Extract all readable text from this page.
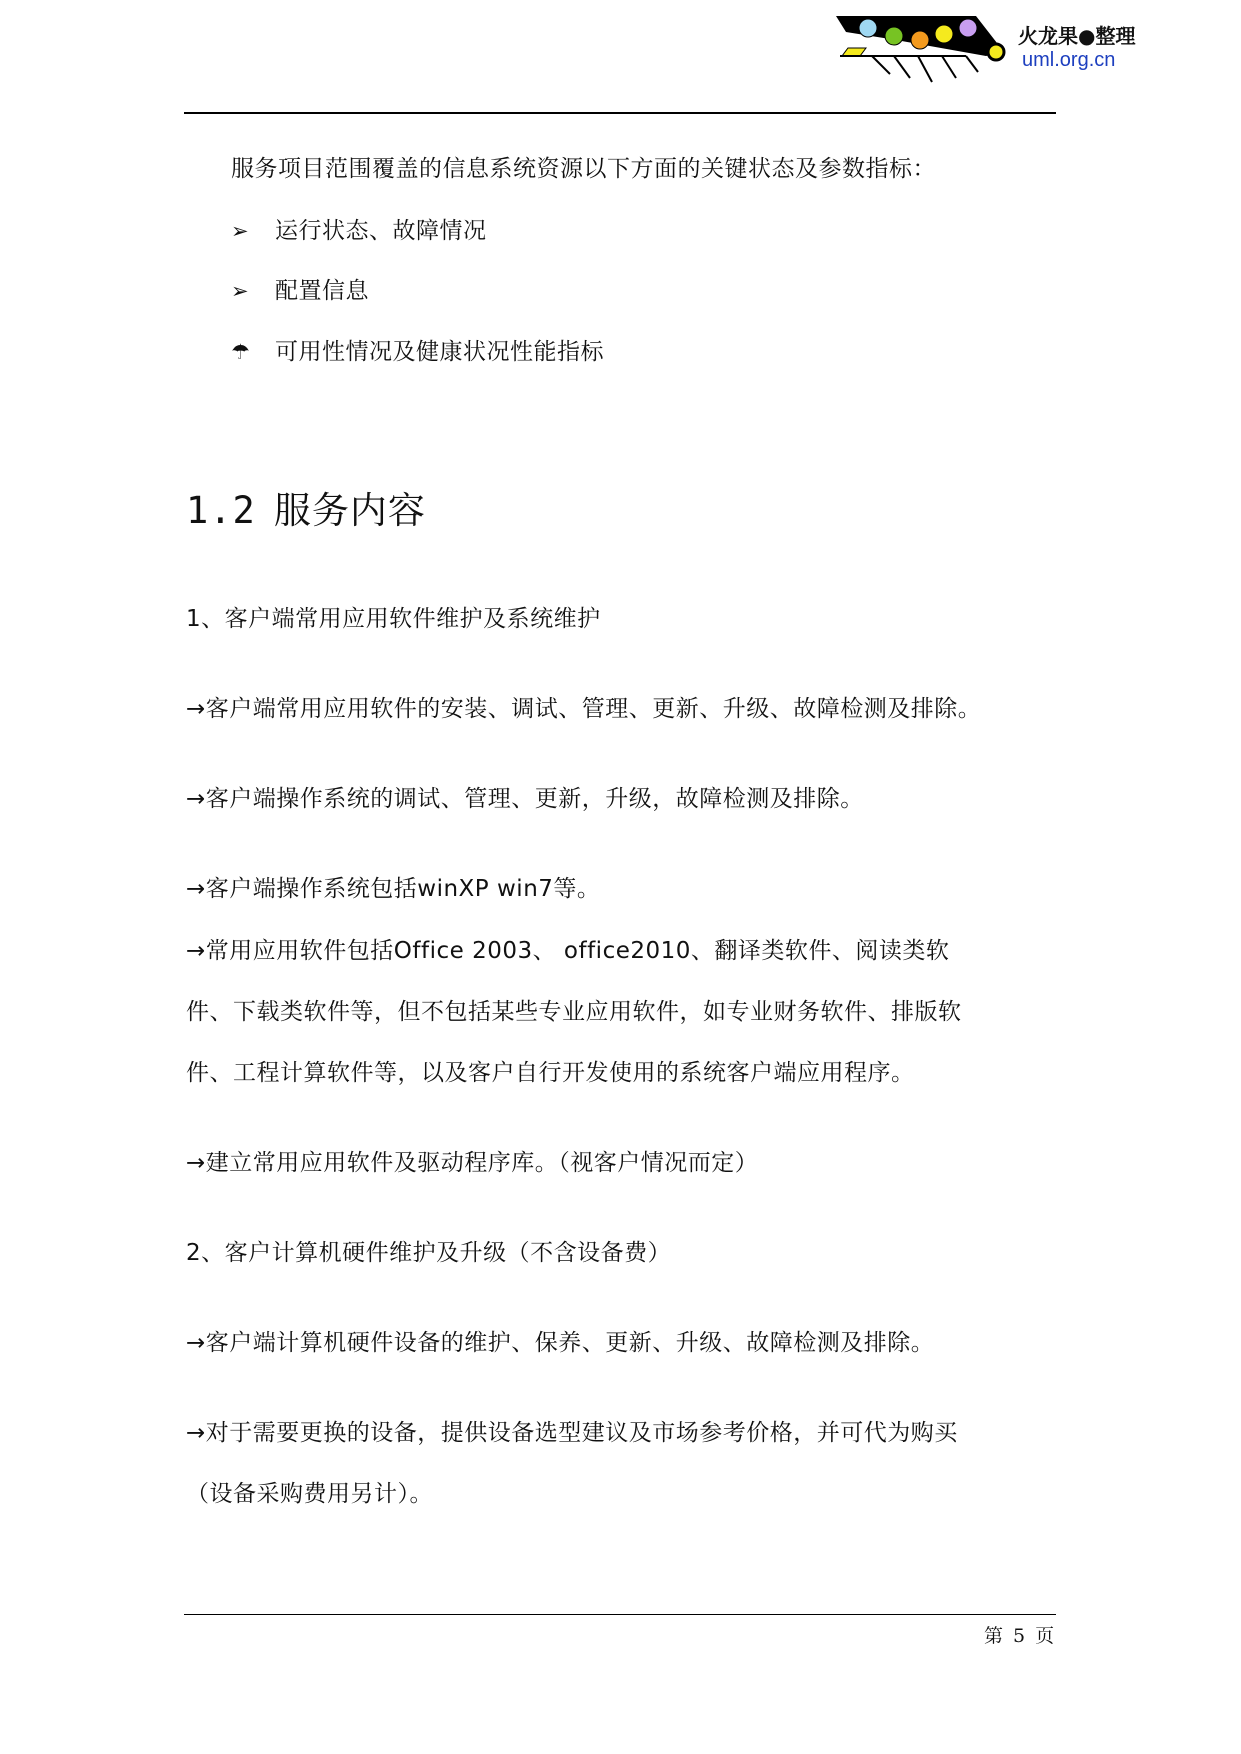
火龙果●整理
uml.org.cn
服务项目范围覆盖的信息系统资源以下方面的关键状态及参数指标：
➢ 运行状态、故障情况
➢ 配置信息
☂ 可用性情况及健康状况性能指标
1.2 服务内容
1、客户端常用应用软件维护及系统维护
→客户端常用应用软件的安装、调试、管理、更新、升级、故障检测及排除。
→客户端操作系统的调试、管理、更新，升级，故障检测及排除。
→客户端操作系统包括winXP win7等。
→常用应用软件包括Office 2003、 office2010、翻译类软件、阅读类软
件、下载类软件等，但不包括某些专业应用软件，如专业财务软件、排版软
件、工程计算软件等，以及客户自行开发使用的系统客户端应用程序。
→建立常用应用软件及驱动程序库。（视客户情况而定）
2、客户计算机硬件维护及升级（不含设备费）
→客户端计算机硬件设备的维护、保养、更新、升级、故障检测及排除。
→对于需要更换的设备，提供设备选型建议及市场参考价格，并可代为购买
（设备采购费用另计）。
第 5 页
